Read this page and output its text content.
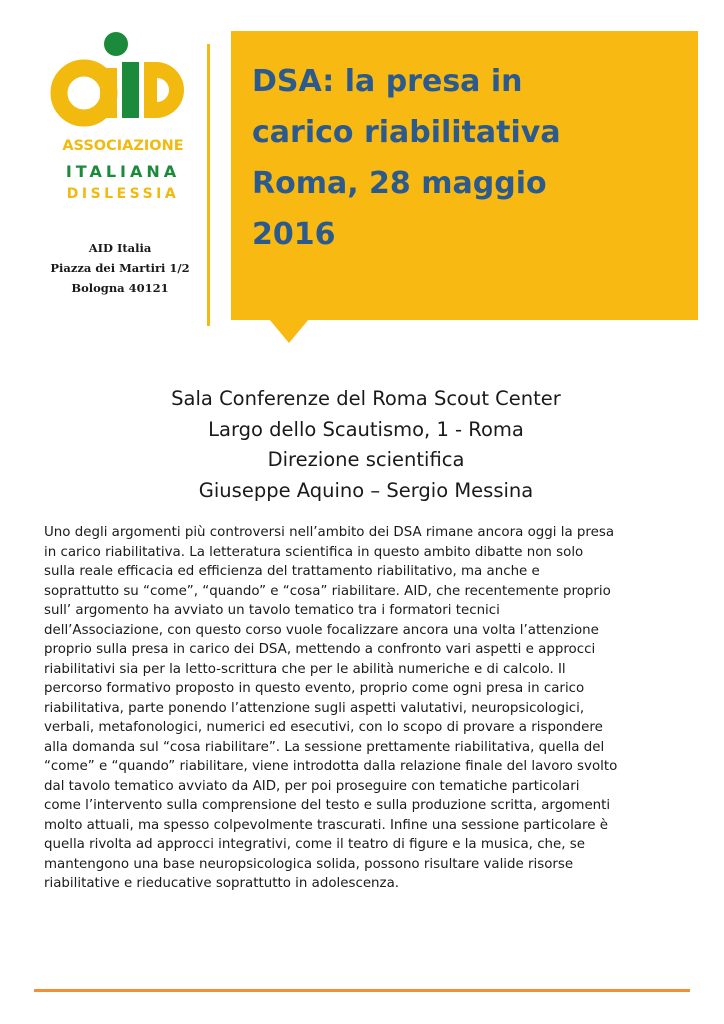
ASSOCIAZIONE
ITALIANA
DISLESSIA
AID Italia
Piazza dei Martiri 1/2
Bologna 40121
DSA: la presa in
carico riabilitativa
Roma, 28 maggio
2016
Sala Conferenze del Roma Scout Center
Largo dello Scautismo, 1 - Roma
Direzione scientifica
Giuseppe Aquino – Sergio Messina
Uno degli argomenti più controversi nell’ambito dei DSA rimane ancora oggi la presa
in carico riabilitativa. La letteratura scientifica in questo ambito dibatte non solo
sulla reale efficacia ed efficienza del trattamento riabilitativo, ma anche e
soprattutto su “come”, “quando” e “cosa” riabilitare. AID, che recentemente proprio
sull’ argomento ha avviato un tavolo tematico tra i formatori tecnici
dell’Associazione, con questo corso vuole focalizzare ancora una volta l’attenzione
proprio sulla presa in carico dei DSA, mettendo a confronto vari aspetti e approcci
riabilitativi sia per la letto-scrittura che per le abilità numeriche e di calcolo. Il
percorso formativo proposto in questo evento, proprio come ogni presa in carico
riabilitativa, parte ponendo l’attenzione sugli aspetti valutativi, neuropsicologici,
verbali, metafonologici, numerici ed esecutivi, con lo scopo di provare a rispondere
alla domanda sul “cosa riabilitare”. La sessione prettamente riabilitativa, quella del
“come” e “quando” riabilitare, viene introdotta dalla relazione finale del lavoro svolto
dal tavolo tematico avviato da AID, per poi proseguire con tematiche particolari
come l’intervento sulla comprensione del testo e sulla produzione scritta, argomenti
molto attuali, ma spesso colpevolmente trascurati. Infine una sessione particolare è
quella rivolta ad approcci integrativi, come il teatro di figure e la musica, che, se
mantengono una base neuropsicologica solida, possono risultare valide risorse
riabilitative e rieducative soprattutto in adolescenza.
